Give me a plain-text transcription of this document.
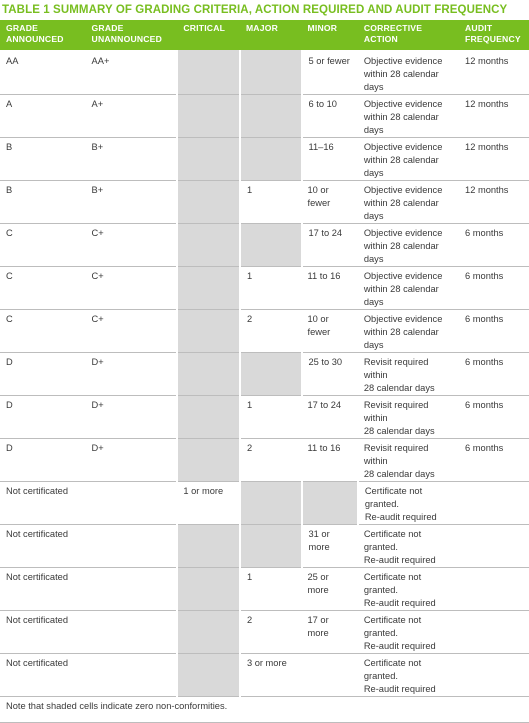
TABLE 1 SUMMARY OF GRADING CRITERIA, ACTION REQUIRED AND AUDIT FREQUENCY
GRADE
ANNOUNCED	GRADE
UNANNOUNCED	CRITICAL	MAJOR	MINOR	CORRECTIVE
ACTION	AUDIT
FREQUENCY
AA	AA+			5 or fewer	Objective evidence
within 28 calendar days	12 months
A	A+			6 to 10	Objective evidence
within 28 calendar days	12 months
B	B+			11–16	Objective evidence
within 28 calendar days	12 months
B	B+		1	10 or fewer	Objective evidence
within 28 calendar days	12 months
C	C+			17 to 24	Objective evidence
within 28 calendar days	6 months
C	C+		1	11 to 16	Objective evidence
within 28 calendar days	6 months
C	C+		2	10 or fewer	Objective evidence
within 28 calendar days	6 months
D	D+			25 to 30	Revisit required within
28 calendar days	6 months
D	D+		1	17 to 24	Revisit required within
28 calendar days	6 months
D	D+		2	11 to 16	Revisit required within
28 calendar days	6 months
Not certificated		1 or more			Certificate not granted.
Re-audit required	
Not certificated				31 or more	Certificate not granted.
Re-audit required	
Not certificated			1	25 or more	Certificate not granted.
Re-audit required	
Not certificated			2	17 or more	Certificate not granted.
Re-audit required	
Not certificated			3 or more		Certificate not granted.
Re-audit required	
Note that shaded cells indicate zero non-conformities.						
